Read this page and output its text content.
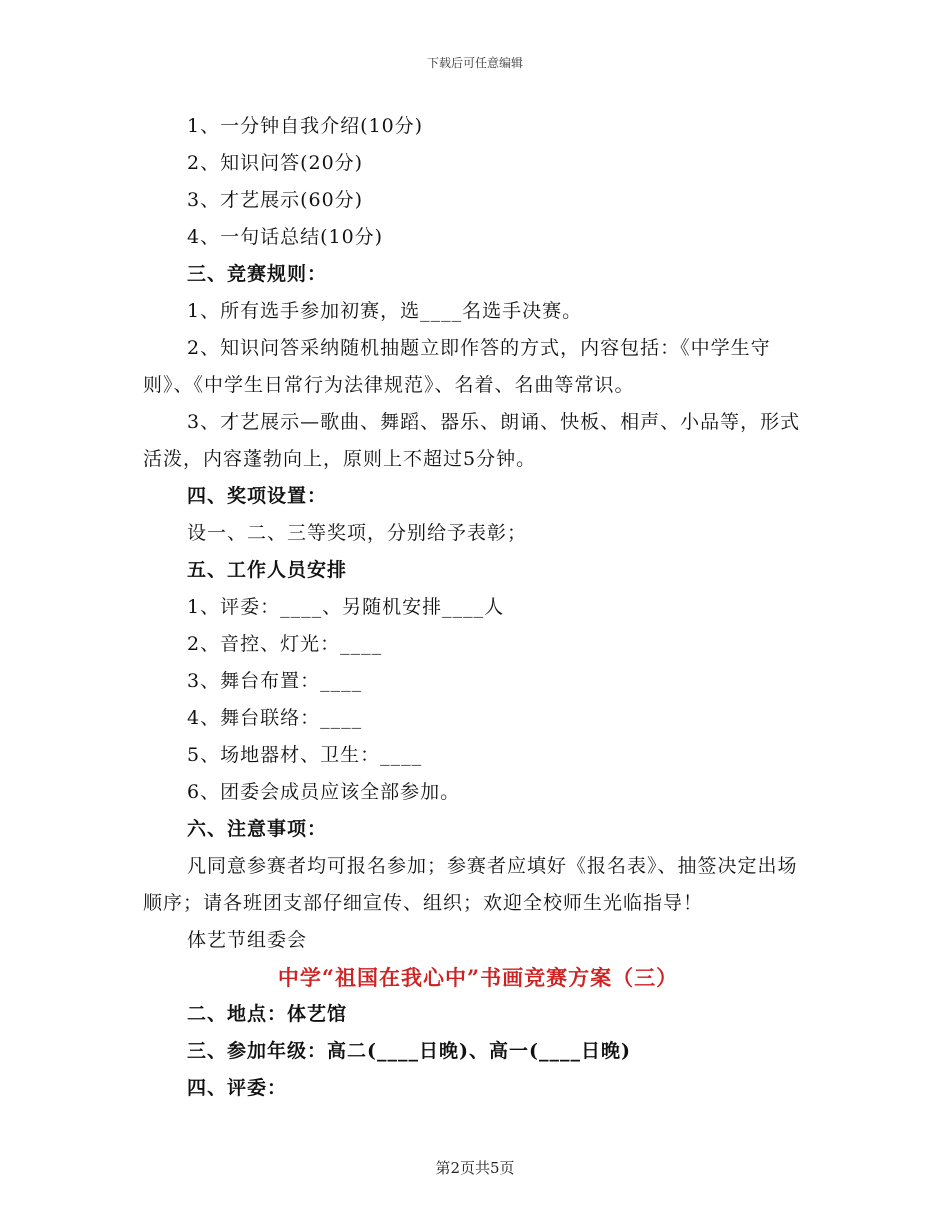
下载后可任意编辑

1、一分钟自我介绍(10分)

2、知识问答(20分)

3、才艺展示(60分)

4、一句话总结(10分)

三、竞赛规则：

1、所有选手参加初赛，选____名选手决赛。

2、知识问答采纳随机抽题立即作答的方式，内容包括：《中学生守则》、《中学生日常行为法律规范》、名着、名曲等常识。

3、才艺展示—歌曲、舞蹈、器乐、朗诵、快板、相声、小品等，形式活泼，内容蓬勃向上，原则上不超过5分钟。

四、奖项设置：

设一、二、三等奖项，分别给予表彰；

五、工作人员安排

1、评委：____、另随机安排____人

2、音控、灯光：____

3、舞台布置：____

4、舞台联络：____

5、场地器材、卫生：____

6、团委会成员应该全部参加。

六、注意事项：

凡同意参赛者均可报名参加；参赛者应填好《报名表》、抽签决定出场顺序；请各班团支部仔细宣传、组织；欢迎全校师生光临指导！

体艺节组委会

中学“祖国在我心中”书画竞赛方案（三）

二、地点：体艺馆

三、参加年级：高二(____日晚)、高一(____日晚)

四、评委：

第2页共5页
